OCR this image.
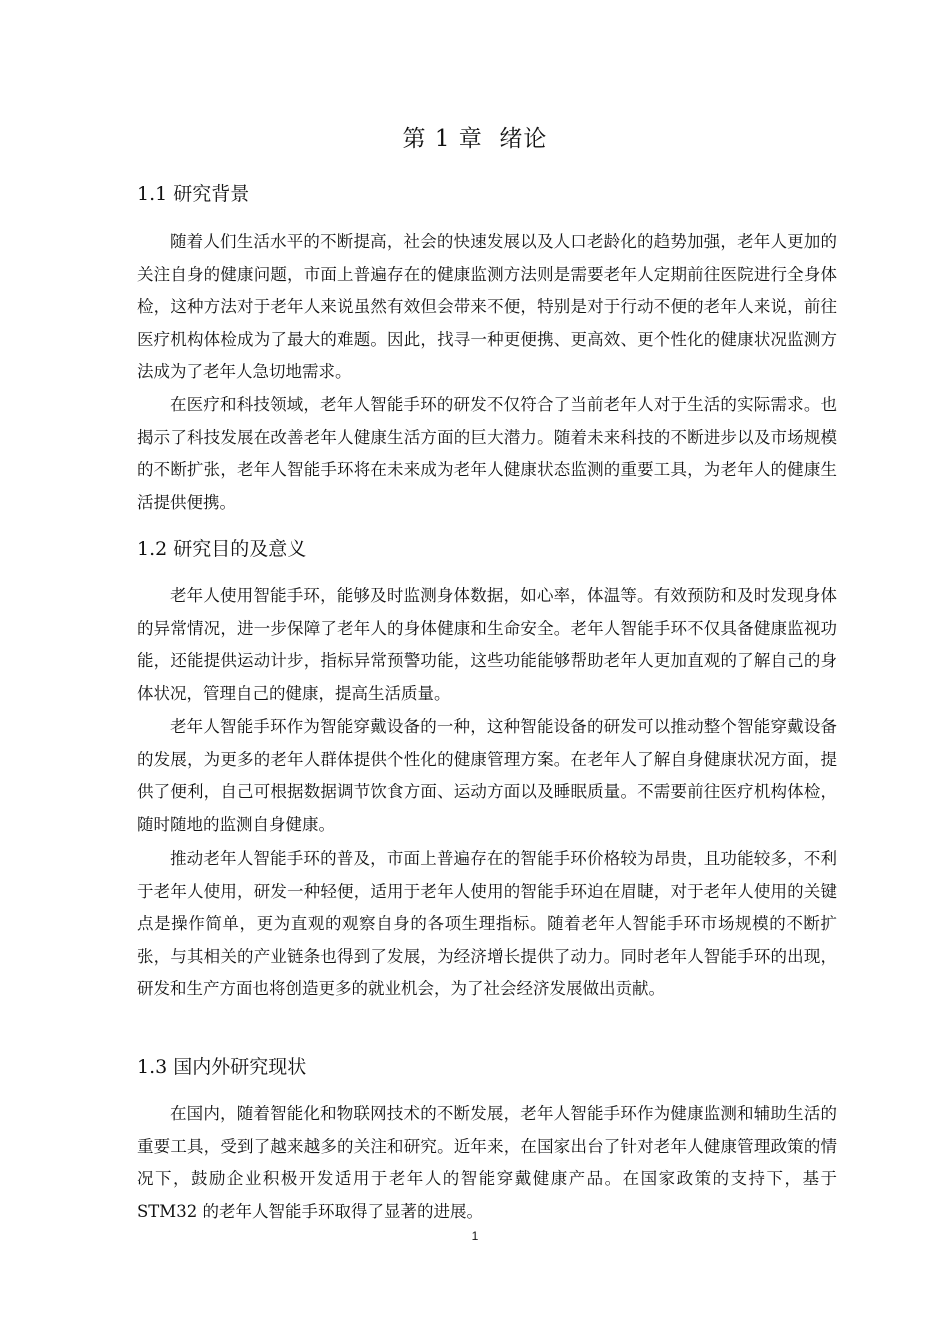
第 1 章  绪论
1.1 研究背景

随着人们生活水平的不断提高，社会的快速发展以及人口老龄化的趋势加强，老年人更加的关注自身的健康问题，市面上普遍存在的健康监测方法则是需要老年人定期前往医院进行全身体检，这种方法对于老年人来说虽然有效但会带来不便，特别是对于行动不便的老年人来说，前往医疗机构体检成为了最大的难题。因此，找寻一种更便携、更高效、更个性化的健康状况监测方法成为了老年人急切地需求。

在医疗和科技领域，老年人智能手环的研发不仅符合了当前老年人对于生活的实际需求。也揭示了科技发展在改善老年人健康生活方面的巨大潜力。随着未来科技的不断进步以及市场规模的不断扩张，老年人智能手环将在未来成为老年人健康状态监测的重要工具，为老年人的健康生活提供便携。

1.2 研究目的及意义

老年人使用智能手环，能够及时监测身体数据，如心率，体温等。有效预防和及时发现身体的异常情况，进一步保障了老年人的身体健康和生命安全。老年人智能手环不仅具备健康监视功能，还能提供运动计步，指标异常预警功能，这些功能能够帮助老年人更加直观的了解自己的身体状况，管理自己的健康，提高生活质量。

老年人智能手环作为智能穿戴设备的一种，这种智能设备的研发可以推动整个智能穿戴设备的发展，为更多的老年人群体提供个性化的健康管理方案。在老年人了解自身健康状况方面，提供了便利，自己可根据数据调节饮食方面、运动方面以及睡眠质量。不需要前往医疗机构体检，随时随地的监测自身健康。

推动老年人智能手环的普及，市面上普遍存在的智能手环价格较为昂贵，且功能较多，不利于老年人使用，研发一种轻便，适用于老年人使用的智能手环迫在眉睫，对于老年人使用的关键点是操作简单，更为直观的观察自身的各项生理指标。随着老年人智能手环市场规模的不断扩张，与其相关的产业链条也得到了发展，为经济增长提供了动力。同时老年人智能手环的出现，研发和生产方面也将创造更多的就业机会，为了社会经济发展做出贡献。

1.3 国内外研究现状

在国内，随着智能化和物联网技术的不断发展，老年人智能手环作为健康监测和辅助生活的重要工具，受到了越来越多的关注和研究。近年来，在国家出台了针对老年人健康管理政策的情况下，鼓励企业积极开发适用于老年人的智能穿戴健康产品。在国家政策的支持下，基于 STM32 的老年人智能手环取得了显著的进展。

1
